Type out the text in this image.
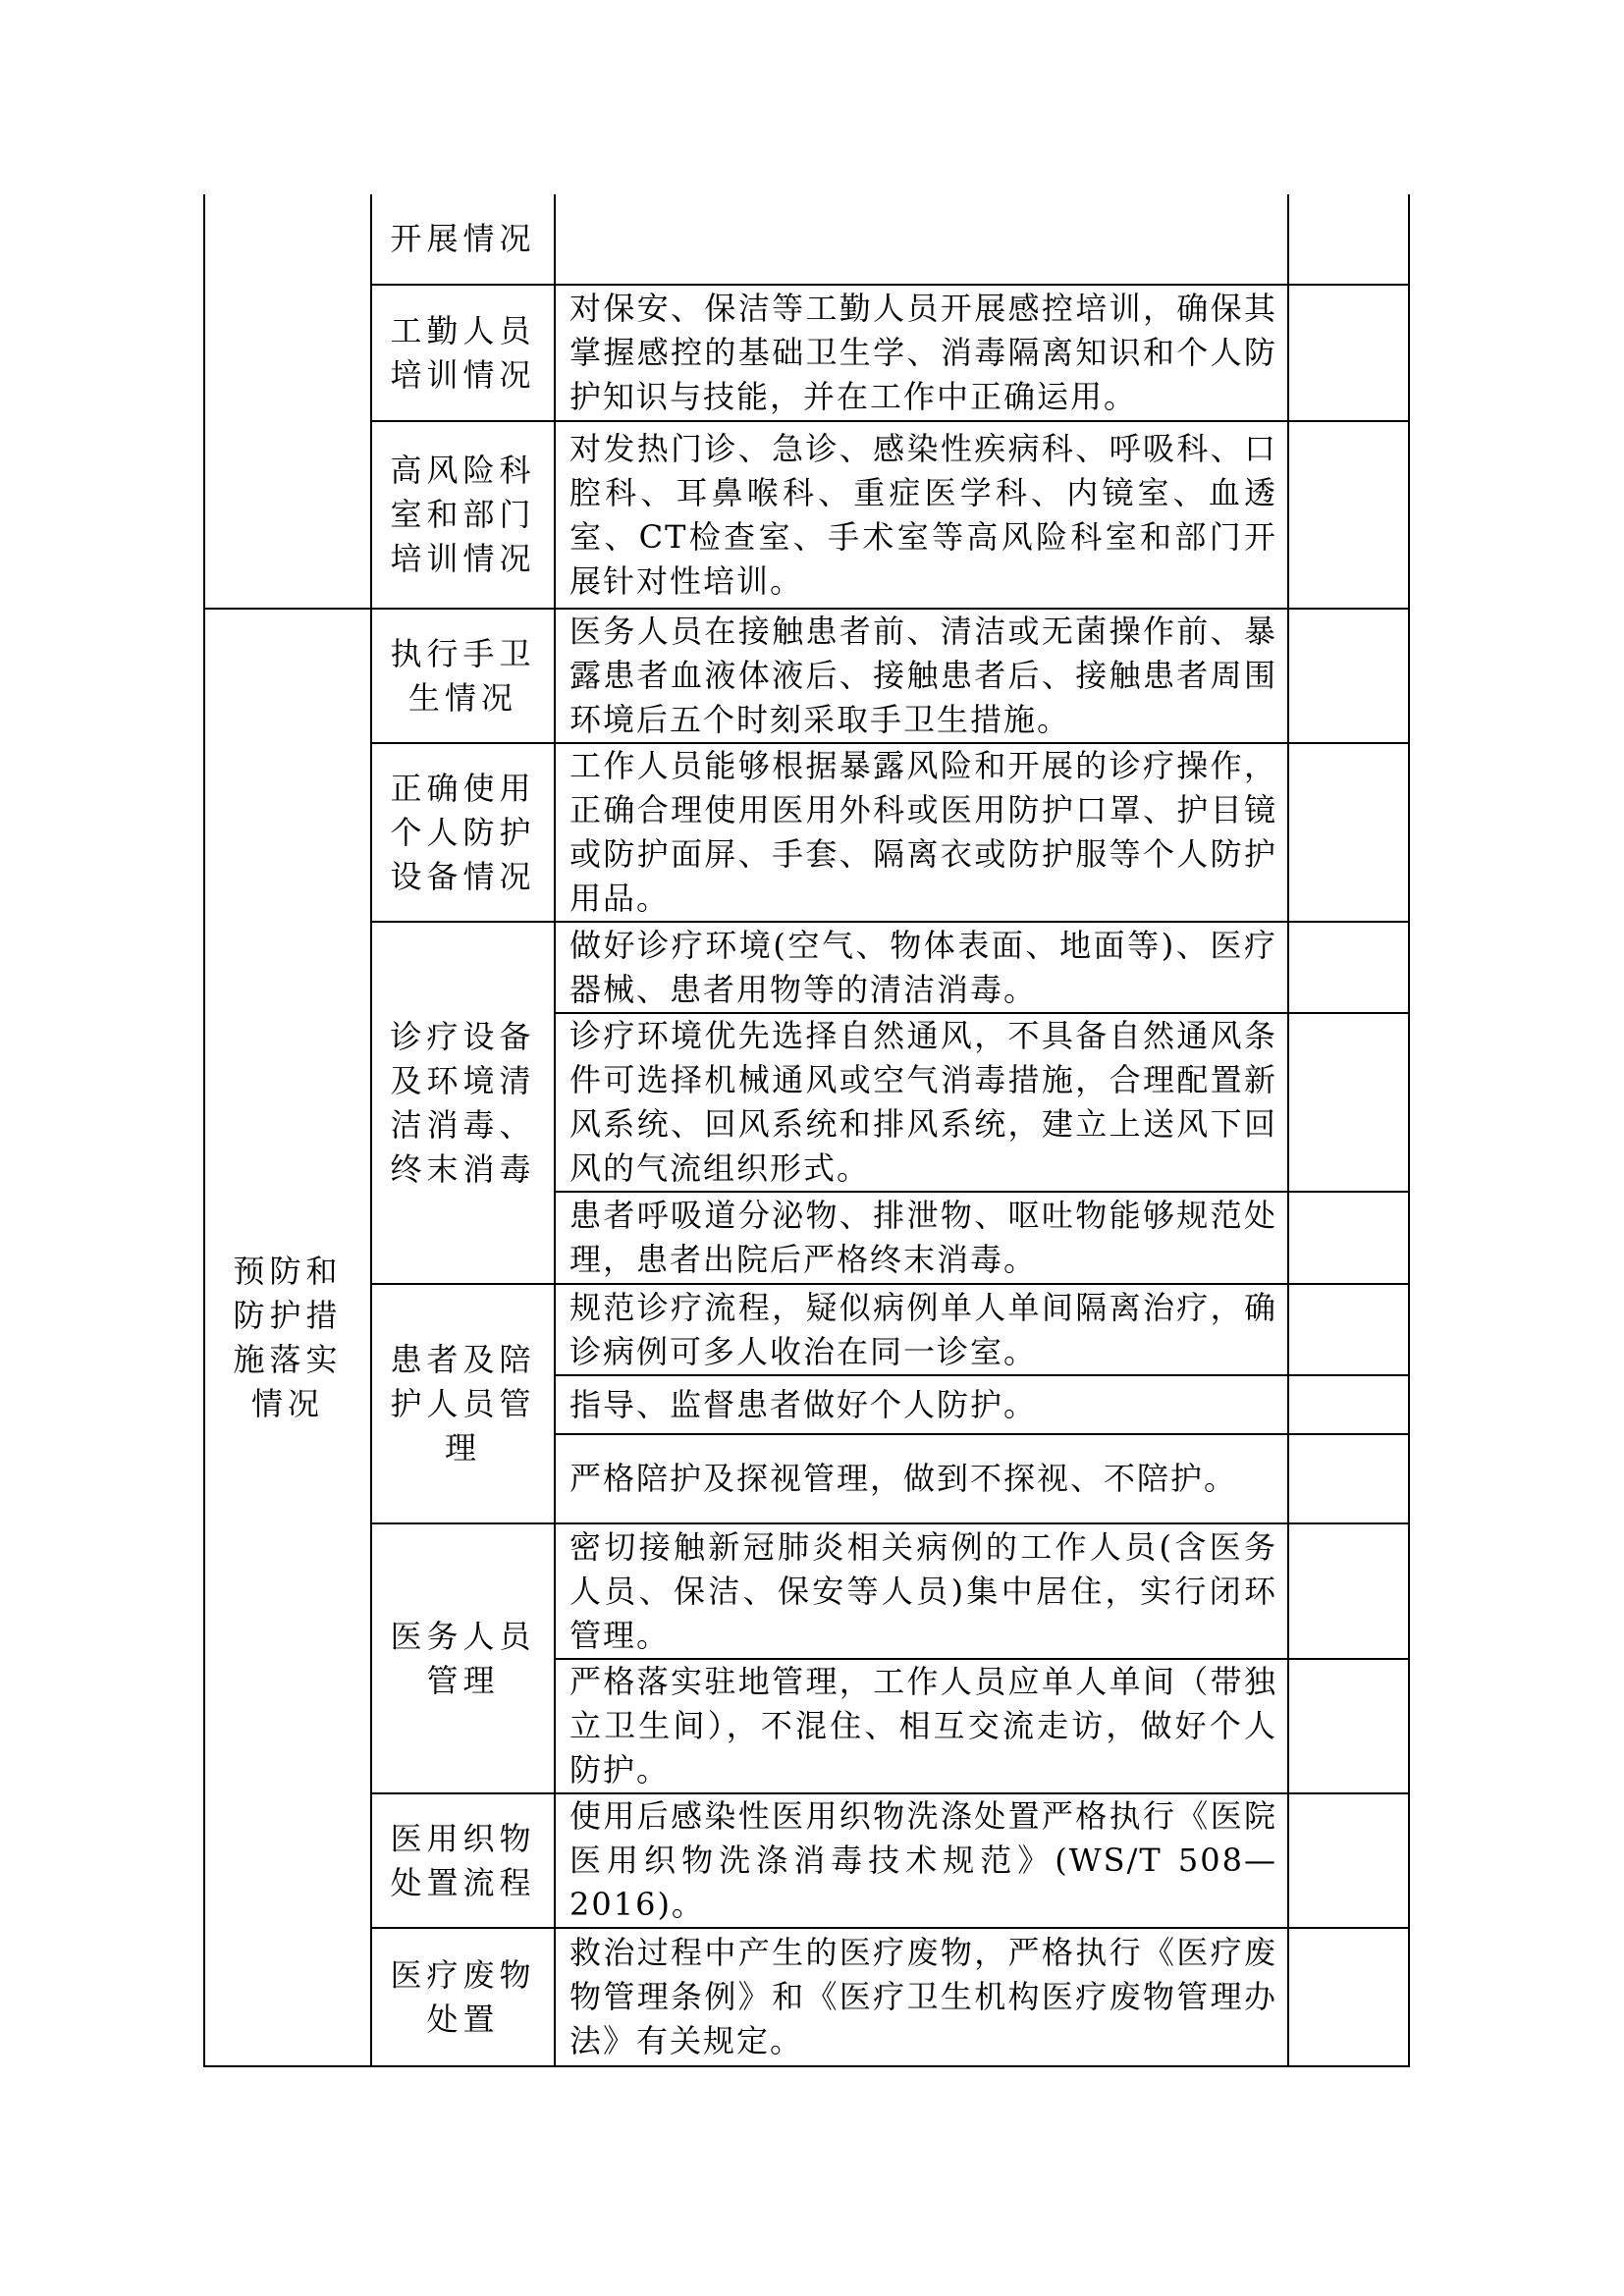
	开展情况		
	工勤人员培训情况	对保安、保洁等工勤人员开展感控培训，确保其掌握感控的基础卫生学、消毒隔离知识和个人防护知识与技能，并在工作中正确运用。	
	高风险科室和部门培训情况	对发热门诊、急诊、感染性疾病科、呼吸科、口腔科、耳鼻喉科、重症医学科、内镜室、血透室、CT检查室、手术室等高风险科室和部门开展针对性培训。	

预防和防护措施落实情况	执行手卫生情况	医务人员在接触患者前、清洁或无菌操作前、暴露患者血液体液后、接触患者后、接触患者周围环境后五个时刻采取手卫生措施。	
	正确使用个人防护设备情况	工作人员能够根据暴露风险和开展的诊疗操作，正确合理使用医用外科或医用防护口罩、护目镜或防护面屏、手套、隔离衣或防护服等个人防护用品。	
	诊疗设备及环境清洁消毒、终末消毒	做好诊疗环境(空气、物体表面、地面等)、医疗器械、患者用物等的清洁消毒。	
		诊疗环境优先选择自然通风，不具备自然通风条件可选择机械通风或空气消毒措施，合理配置新风系统、回风系统和排风系统，建立上送风下回风的气流组织形式。	
		患者呼吸道分泌物、排泄物、呕吐物能够规范处理，患者出院后严格终末消毒。	
	患者及陪护人员管理	规范诊疗流程，疑似病例单人单间隔离治疗，确诊病例可多人收治在同一诊室。	
		指导、监督患者做好个人防护。	
		严格陪护及探视管理，做到不探视、不陪护。	
	医务人员管理	密切接触新冠肺炎相关病例的工作人员(含医务人员、保洁、保安等人员)集中居住，实行闭环管理。	
		严格落实驻地管理，工作人员应单人单间（带独立卫生间），不混住、相互交流走访，做好个人防护。	
	医用织物处置流程	使用后感染性医用织物洗涤处置严格执行《医院医用织物洗涤消毒技术规范》(WS/T 508—2016)。	
	医疗废物处置	救治过程中产生的医疗废物，严格执行《医疗废物管理条例》和《医疗卫生机构医疗废物管理办法》有关规定。	
